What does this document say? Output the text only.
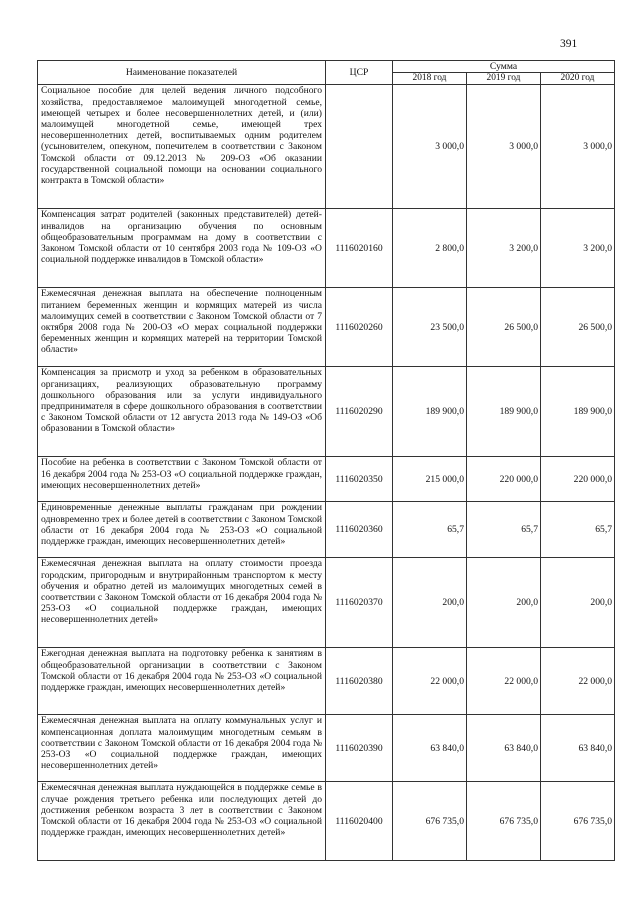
391
Наименование показателей	ЦСР	Сумма		
		2018 год	2019 год	2020 год
Социальное пособие для целей ведения личного подсобного хозяйства, предоставляемое малоимущей многодетной семье, имеющей четырех и более несовершеннолетних детей, и (или) малоимущей многодетной семье, имеющей трех несовершеннолетних детей, воспитываемых одним родителем (усыновителем, опекуном, попечителем в соответствии с Законом Томской области от 09.12.2013 № 209-ОЗ «Об оказании государственной социальной помощи на основании социального контракта в Томской области»		3 000,0	3 000,0	3 000,0
Компенсация затрат родителей (законных представителей) детей-инвалидов на организацию обучения по основным общеобразовательным программам на дому в соответствии с Законом Томской области от 10 сентября 2003 года № 109-ОЗ «О социальной поддержке инвалидов в Томской области»	1116020160	2 800,0	3 200,0	3 200,0
Ежемесячная денежная выплата на обеспечение полноценным питанием беременных женщин и кормящих матерей из числа малоимущих семей в соответствии с Законом Томской области от 7 октября 2008 года № 200-ОЗ «О мерах социальной поддержки беременных женщин и кормящих матерей на территории Томской области»	1116020260	23 500,0	26 500,0	26 500,0
Компенсация за присмотр и уход за ребенком в образовательных организациях, реализующих образовательную программу дошкольного образования или за услуги индивидуального предпринимателя в сфере дошкольного образования в соответствии с Законом Томской области от 12 августа 2013 года № 149-ОЗ «Об образовании в Томской области»	1116020290	189 900,0	189 900,0	189 900,0
Пособие на ребенка в соответствии с Законом Томской области от 16 декабря 2004 года № 253-ОЗ «О социальной поддержке граждан, имеющих несовершеннолетних детей»	1116020350	215 000,0	220 000,0	220 000,0
Единовременные денежные выплаты гражданам при рождении одновременно трех и более детей в соответствии с Законом Томской области от 16 декабря 2004 года № 253-ОЗ «О социальной поддержке граждан, имеющих несовершеннолетних детей»	1116020360	65,7	65,7	65,7
Ежемесячная денежная выплата на оплату стоимости проезда городским, пригородным и внутрирайонным транспортом к месту обучения и обратно детей из малоимущих многодетных семей в соответствии с Законом Томской области от 16 декабря 2004 года № 253-ОЗ «О социальной поддержке граждан, имеющих несовершеннолетних детей»	1116020370	200,0	200,0	200,0
Ежегодная денежная выплата на подготовку ребенка к занятиям в общеобразовательной организации в соответствии с Законом Томской области от 16 декабря 2004 года № 253-ОЗ «О социальной поддержке граждан, имеющих несовершеннолетних детей»	1116020380	22 000,0	22 000,0	22 000,0
Ежемесячная денежная выплата на оплату коммунальных услуг и компенсационная доплата малоимущим многодетным семьям в соответствии с Законом Томской области от 16 декабря 2004 года № 253-ОЗ «О социальной поддержке граждан, имеющих несовершеннолетних детей»	1116020390	63 840,0	63 840,0	63 840,0
Ежемесячная денежная выплата нуждающейся в поддержке семье в случае рождения третьего ребенка или последующих детей до достижения ребенком возраста 3 лет в соответствии с Законом Томской области от 16 декабря 2004 года № 253-ОЗ «О социальной поддержке граждан, имеющих несовершеннолетних детей»	1116020400	676 735,0	676 735,0	676 735,0
